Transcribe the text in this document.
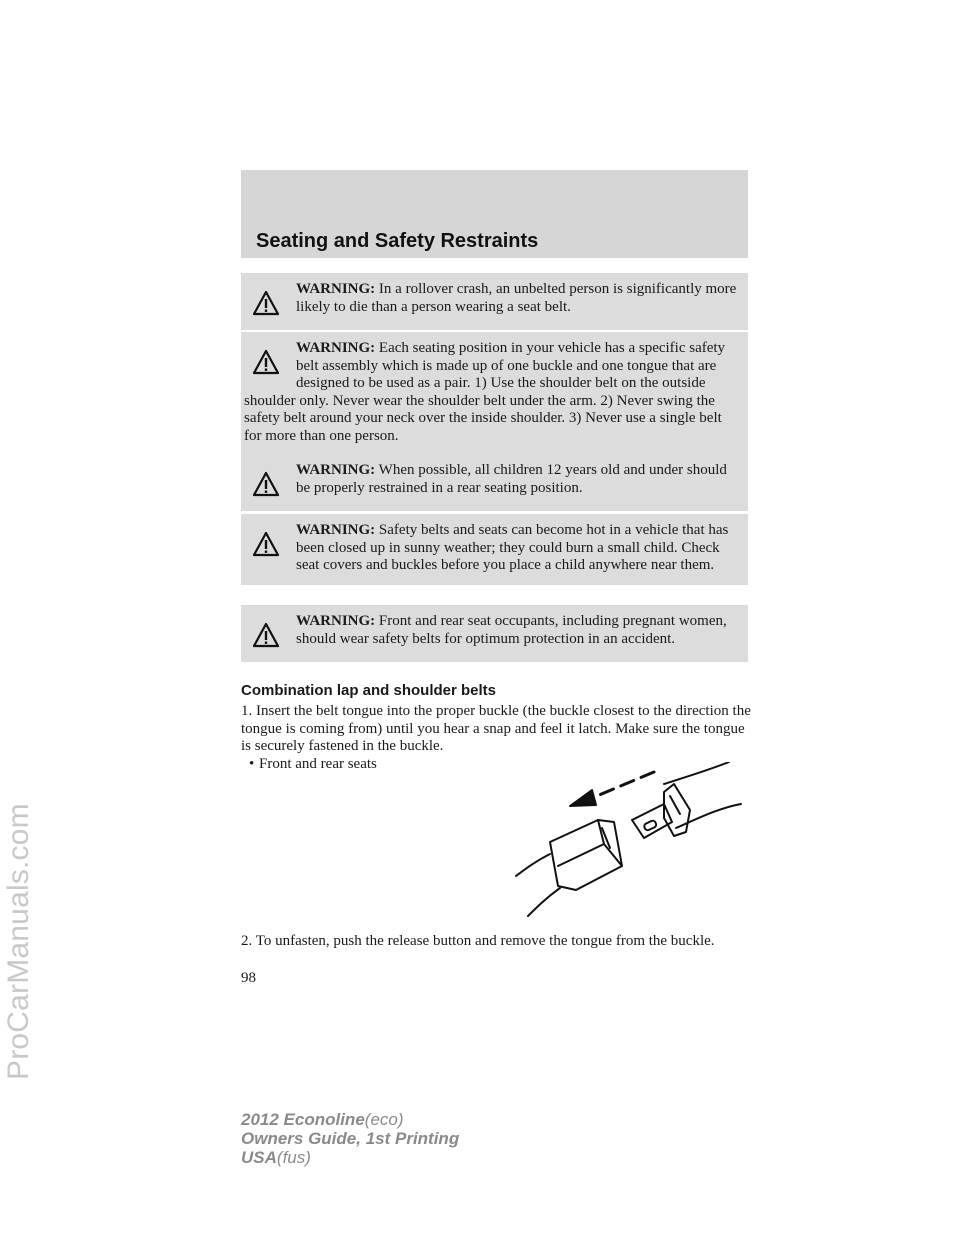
ProCarManuals.com
Seating and Safety Restraints
WARNING: In a rollover crash, an unbelted person is significantly more likely to die than a person wearing a seat belt.
WARNING: Each seating position in your vehicle has a specific safety belt assembly which is made up of one buckle and one tongue that are designed to be used as a pair. 1) Use the shoulder belt on the outside shoulder only. Never wear the shoulder belt under the arm. 2) Never swing the safety belt around your neck over the inside shoulder. 3) Never use a single belt for more than one person.
WARNING: When possible, all children 12 years old and under should be properly restrained in a rear seating position.
WARNING: Safety belts and seats can become hot in a vehicle that has been closed up in sunny weather; they could burn a small child. Check seat covers and buckles before you place a child anywhere near them.
WARNING: Front and rear seat occupants, including pregnant women, should wear safety belts for optimum protection in an accident.
Combination lap and shoulder belts
1. Insert the belt tongue into the proper buckle (the buckle closest to the direction the tongue is coming from) until you hear a snap and feel it latch. Make sure the tongue is securely fastened in the buckle.
• Front and rear seats
2. To unfasten, push the release button and remove the tongue from the buckle.
98
2012 Econoline(eco)
Owners Guide, 1st Printing
USA(fus)
